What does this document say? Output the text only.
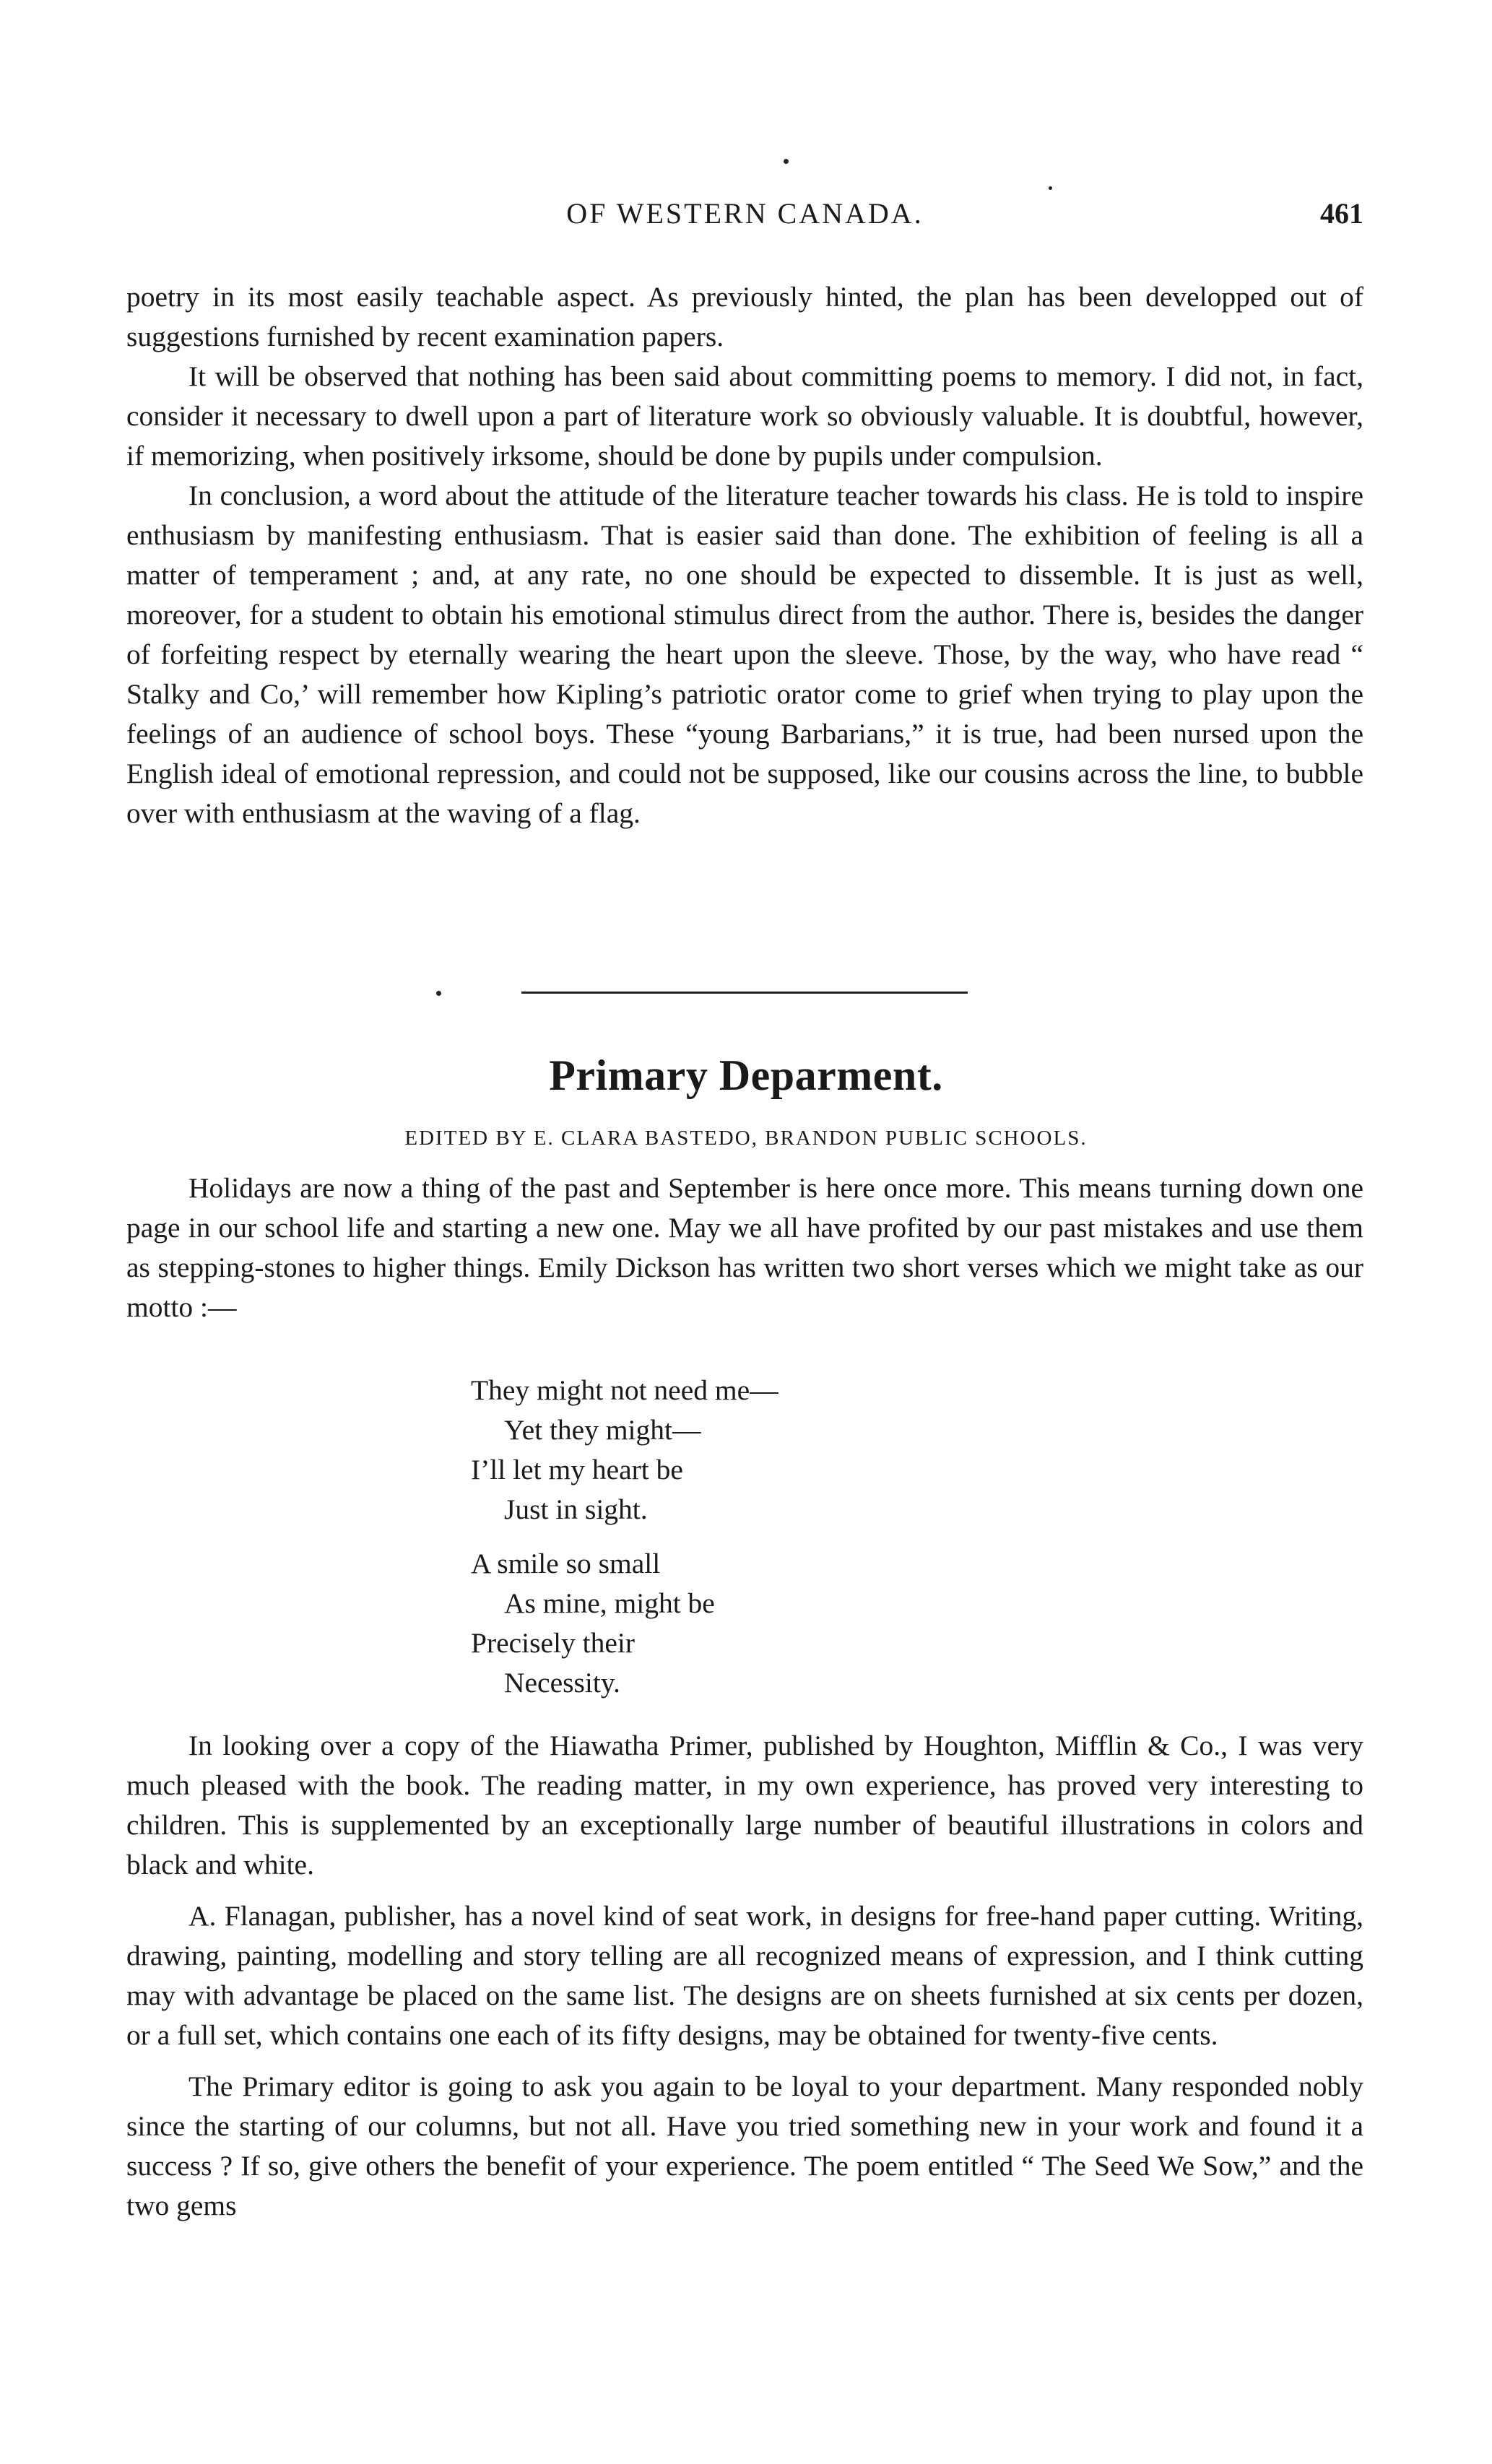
OF WESTERN CANADA.	461

poetry in its most easily teachable aspect. As previously hinted, the plan has been developped out of suggestions furnished by recent examination papers.

It will be observed that nothing has been said about committing poems to memory. I did not, in fact, consider it necessary to dwell upon a part of literature work so obviously valuable. It is doubtful, however, if memorizing, when positively irksome, should be done by pupils under compulsion.

In conclusion, a word about the attitude of the literature teacher towards his class. He is told to inspire enthusiasm by manifesting enthusiasm. That is easier said than done. The exhibition of feeling is all a matter of temperament ; and, at any rate, no one should be expected to dissemble. It is just as well, moreover, for a student to obtain his emotional stimulus direct from the author. There is, besides the danger of forfeiting respect by eternally wearing the heart upon the sleeve. Those, by the way, who have read “ Stalky and Co,’ will remember how Kipling’s patriotic orator come to grief when trying to play upon the feelings of an audience of school boys. These “young Barbarians,” it is true, had been nursed upon the English ideal of emotional repression, and could not be supposed, like our cousins across the line, to bubble over with enthusiasm at the waving of a flag.

Primary Deparment.
EDITED BY E. CLARA BASTEDO, BRANDON PUBLIC SCHOOLS.

Holidays are now a thing of the past and September is here once more. This means turning down one page in our school life and starting a new one. May we all have profited by our past mistakes and use them as stepping-stones to higher things. Emily Dickson has written two short verses which we might take as our motto :—

They might not need me—
Yet they might—
I’ll let my heart be
Just in sight.
A smile so small
As mine, might be
Precisely their
Necessity.

In looking over a copy of the Hiawatha Primer, published by Houghton, Mifflin & Co., I was very much pleased with the book. The reading matter, in my own experience, has proved very interesting to children. This is supplemented by an exceptionally large number of beautiful illustrations in colors and black and white.

A. Flanagan, publisher, has a novel kind of seat work, in designs for free-hand paper cutting. Writing, drawing, painting, modelling and story telling are all recognized means of expression, and I think cutting may with advantage be placed on the same list. The designs are on sheets furnished at six cents per dozen, or a full set, which contains one each of its fifty designs, may be obtained for twenty-five cents.

The Primary editor is going to ask you again to be loyal to your department. Many responded nobly since the starting of our columns, but not all. Have you tried something new in your work and found it a success ? If so, give others the benefit of your experience. The poem entitled “ The Seed We Sow,” and the two gems
